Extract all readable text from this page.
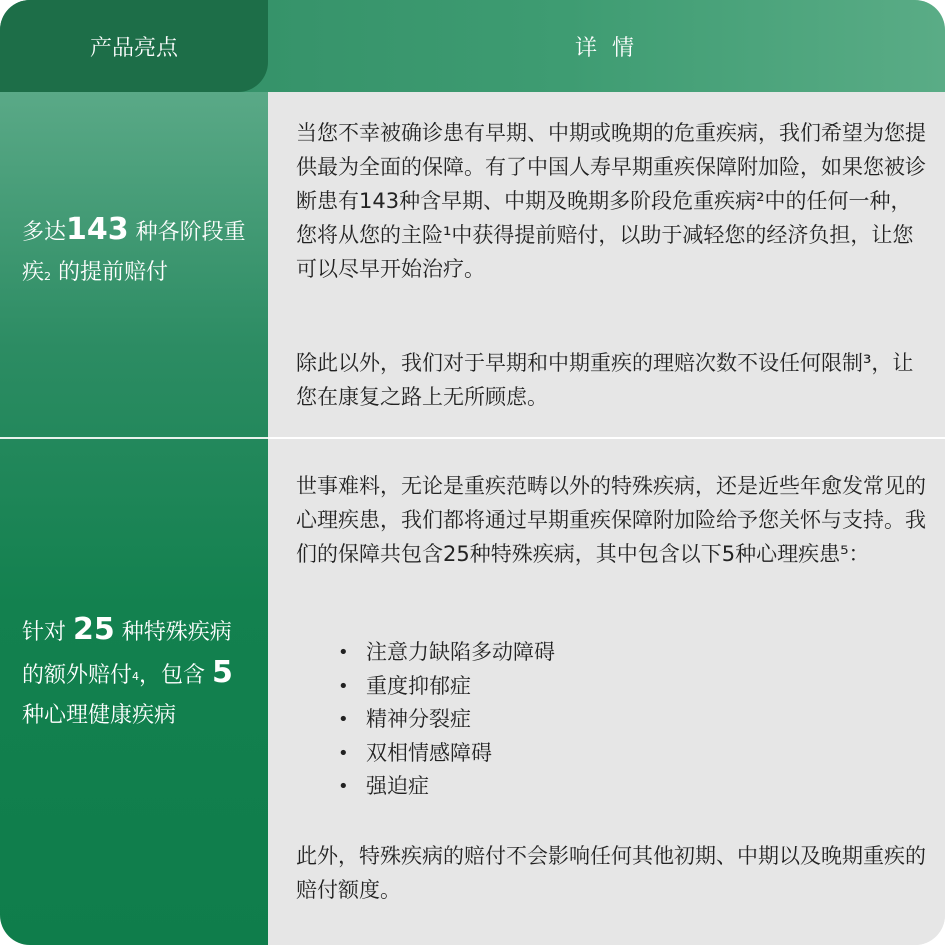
产品亮点	详 情
多达143 种各阶段重疾$^2$ 的提前赔付
针对 25 种特殊疾病的额外赔付$^4$，包含 5 种心理健康疾病

当您不幸被确诊患有早期、中期或晚期的危重疾病，我们希望为您提供最为全面的保障。有了中国人寿早期重疾保障附加险，如果您被诊断患有143种含早期、中期及晚期多阶段危重疾病²中的任何一种，您将从您的主险¹中获得提前赔付，以助于减轻您的经济负担，让您可以尽早开始治疗。

除此以外，我们对于早期和中期重疾的理赔次数不设任何限制³，让您在康复之路上无所顾虑。

世事难料，无论是重疾范畴以外的特殊疾病，还是近些年愈发常见的心理疾患，我们都将通过早期重疾保障附加险给予您关怀与支持。我们的保障共包含25种特殊疾病，其中包含以下5种心理疾患⁵：

• 注意力缺陷多动障碍
• 重度抑郁症
• 精神分裂症
• 双相情感障碍
• 强迫症

此外，特殊疾病的赔付不会影响任何其他初期、中期以及晚期重疾的赔付额度。
